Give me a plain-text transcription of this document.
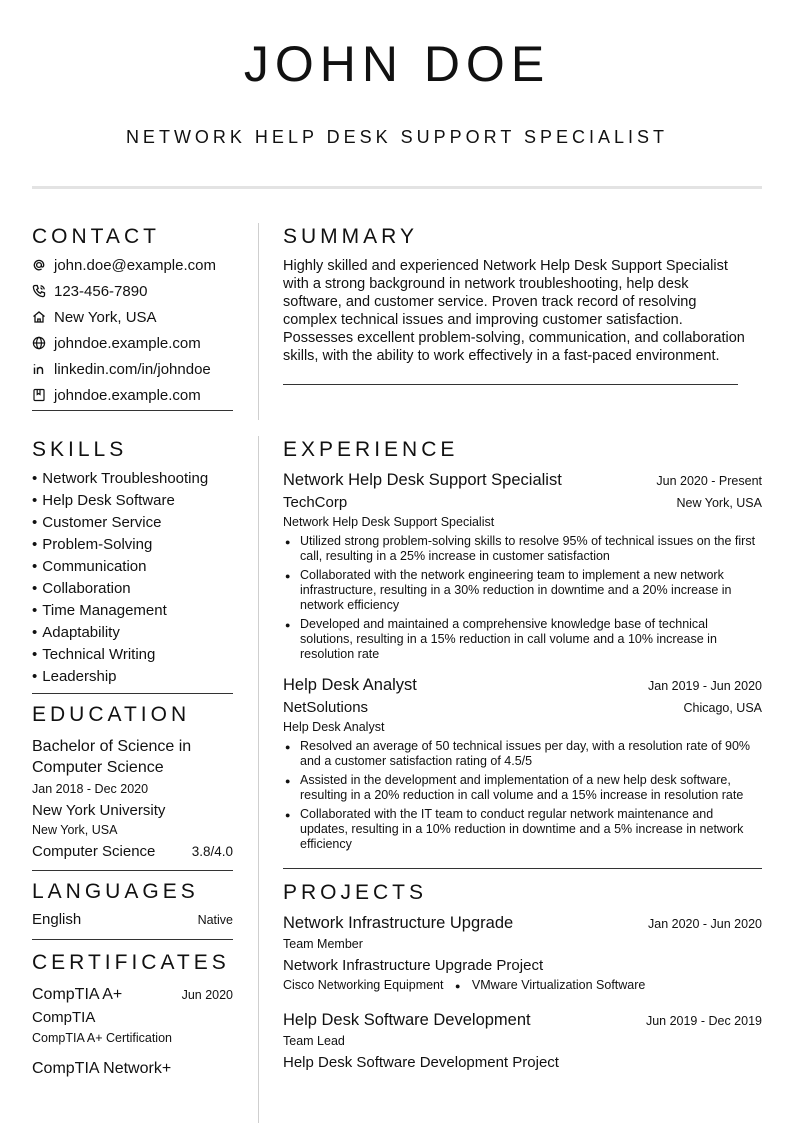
JOHN DOE
NETWORK HELP DESK SUPPORT SPECIALIST
CONTACT
john.doe@example.com
123-456-7890
New York, USA
johndoe.example.com
linkedin.com/in/johndoe
johndoe.example.com
SKILLS
• Network Troubleshooting
• Help Desk Software
• Customer Service
• Problem-Solving
• Communication
• Collaboration
• Time Management
• Adaptability
• Technical Writing
• Leadership
EDUCATION
Bachelor of Science in Computer Science
Jan 2018 - Dec 2020
New York University
New York, USA
Computer Science	3.8/4.0
LANGUAGES
English	Native
CERTIFICATES
CompTIA A+	Jun 2020
CompTIA
CompTIA A+ Certification
CompTIA Network+
SUMMARY
Highly skilled and experienced Network Help Desk Support Specialist with a strong background in network troubleshooting, help desk software, and customer service. Proven track record of resolving complex technical issues and improving customer satisfaction. Possesses excellent problem-solving, communication, and collaboration skills, with the ability to work effectively in a fast-paced environment.
EXPERIENCE
Network Help Desk Support Specialist	Jun 2020 - Present
TechCorp	New York, USA
Network Help Desk Support Specialist
● Utilized strong problem-solving skills to resolve 95% of technical issues on the first call, resulting in a 25% increase in customer satisfaction
● Collaborated with the network engineering team to implement a new network infrastructure, resulting in a 30% reduction in downtime and a 20% increase in network efficiency
● Developed and maintained a comprehensive knowledge base of technical solutions, resulting in a 15% reduction in call volume and a 10% increase in resolution rate
Help Desk Analyst	Jan 2019 - Jun 2020
NetSolutions	Chicago, USA
Help Desk Analyst
● Resolved an average of 50 technical issues per day, with a resolution rate of 90% and a customer satisfaction rating of 4.5/5
● Assisted in the development and implementation of a new help desk software, resulting in a 20% reduction in call volume and a 15% increase in resolution rate
● Collaborated with the IT team to conduct regular network maintenance and updates, resulting in a 10% reduction in downtime and a 5% increase in network efficiency
PROJECTS
Network Infrastructure Upgrade	Jan 2020 - Jun 2020
Team Member
Network Infrastructure Upgrade Project
Cisco Networking Equipment ● VMware Virtualization Software
Help Desk Software Development	Jun 2019 - Dec 2019
Team Lead
Help Desk Software Development Project
